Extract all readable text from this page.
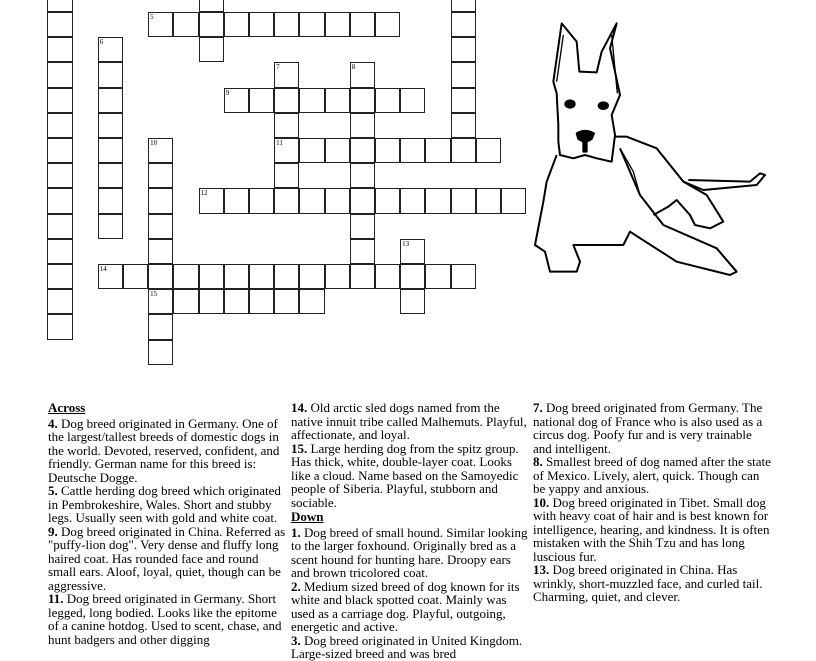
5
6
7
11
8
9
10
15
12
13
14
Across

4. Dog breed originated in Germany. One of the largest/tallest breeds of domestic dogs in the world. Devoted, reserved, confident, and friendly. German name for this breed is: Deutsche Dogge.

5. Cattle herding dog breed which originated in Pembrokeshire, Wales. Short and stubby legs. Usually seen with gold and white coat.

9. Dog breed originated in China. Referred as "puffy-lion dog". Very dense and fluffy long haired coat. Has rounded face and round small ears. Aloof, loyal, quiet, though can be aggressive.

11. Dog breed originated in Germany. Short legged, long bodied. Looks like the epitome of a canine hotdog. Used to scent, chase, and hunt badgers and other digging

14. Old arctic sled dogs named from the native innuit tribe called Malhemuts. Playful, affectionate, and loyal.

15. Large herding dog from the spitz group. Has thick, white, double-layer coat. Looks like a cloud. Name based on the Samoyedic people of Siberia. Playful, stubborn and sociable.

Down

1. Dog breed of small hound. Similar looking to the larger foxhound. Originally bred as a scent hound for hunting hare. Droopy ears and brown tricolored coat.

2. Medium sized breed of dog known for its white and black spotted coat. Mainly was used as a carriage dog. Playful, outgoing, energetic and active.

3. Dog breed originated in United Kingdom. Large-sized breed and was bred

7. Dog breed originated from Germany. The national dog of France who is also used as a circus dog. Poofy fur and is very trainable and intelligent.

8. Smallest breed of dog named after the state of Mexico. Lively, alert, quick. Though can be yappy and anxious.

10. Dog breed originated in Tibet. Small dog with heavy coat of hair and is best known for intelligence, hearing, and kindness. It is often mistaken with the Shih Tzu and has long luscious fur.

13. Dog breed originated in China. Has wrinkly, short-muzzled face, and curled tail. Charming, quiet, and clever.
